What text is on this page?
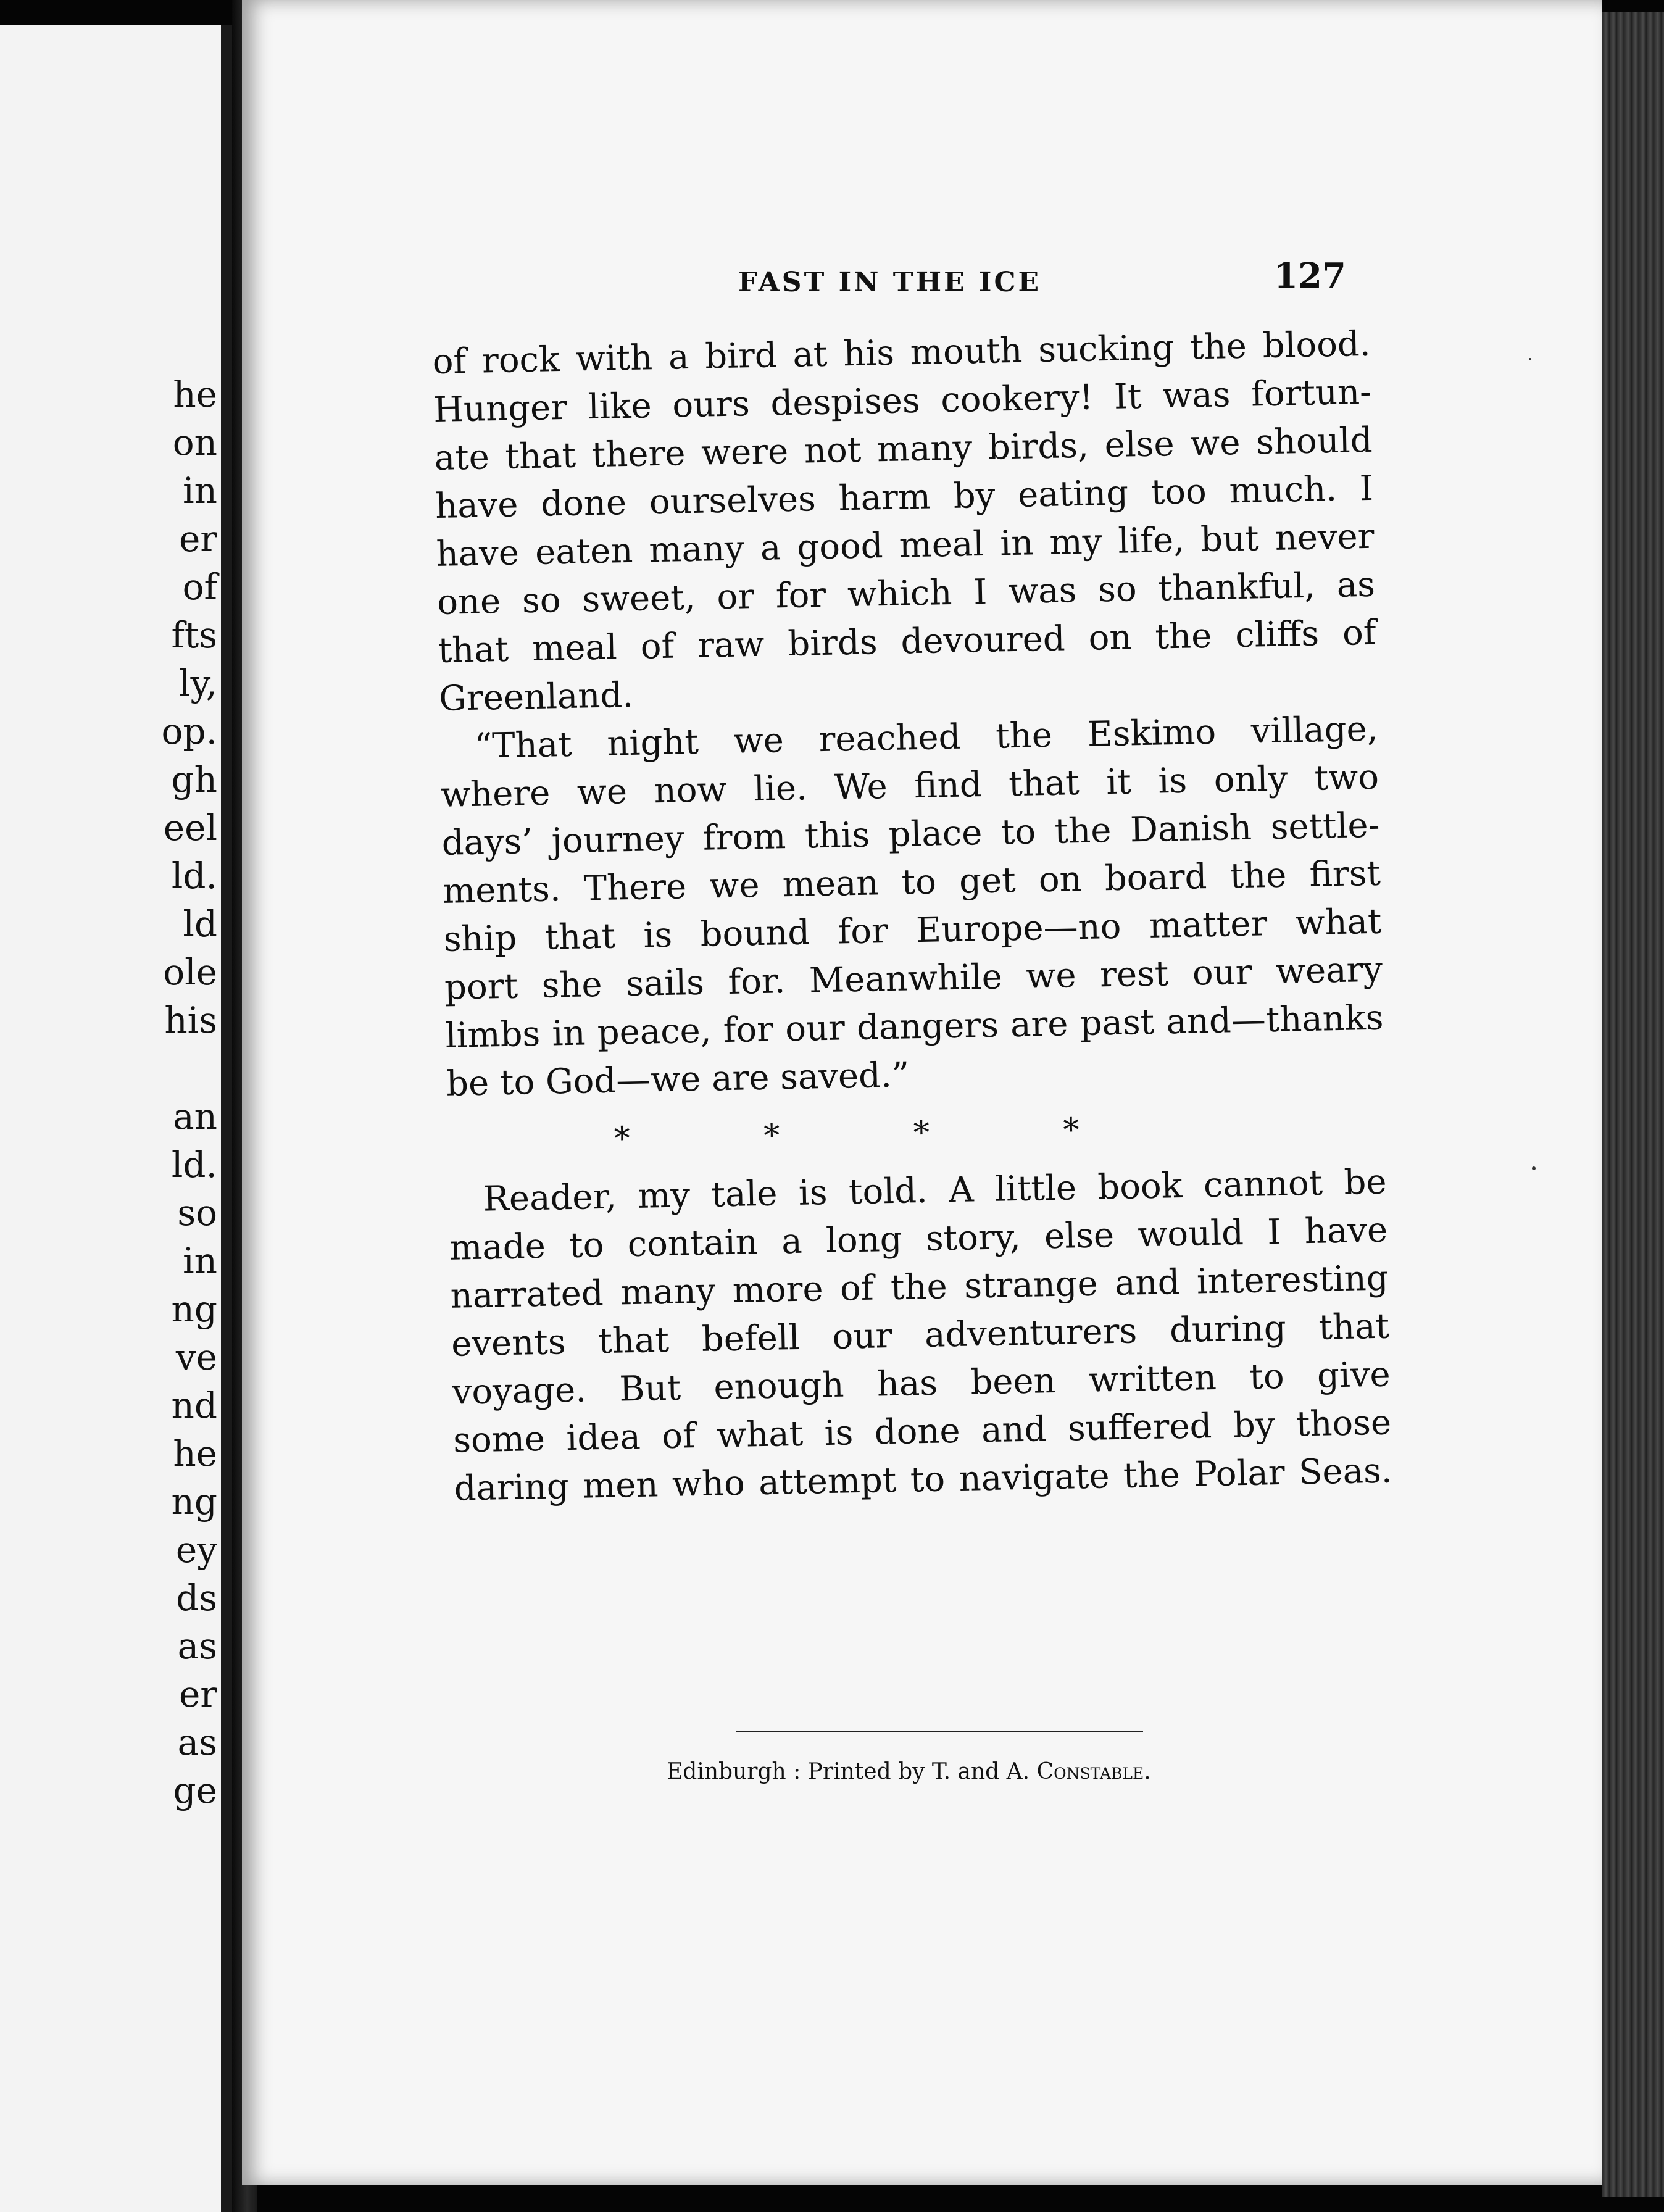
he
on
in
er
of
fts
ly,
op.
gh
eel
ld.
ld
ole
his
an
ld.
so
in
ng
ve
nd
he
ng
ey
ds
as
er
as
ge
FAST IN THE ICE	127
of rock with a bird at his mouth sucking the blood.
Hunger like ours despises cookery! It was fortun-
ate that there were not many birds, else we should
have done ourselves harm by eating too much. I
have eaten many a good meal in my life, but never
one so sweet, or for which I was so thankful, as
that meal of raw birds devoured on the cliffs of
Greenland.
“That night we reached the Eskimo village,
where we now lie. We find that it is only two
days’ journey from this place to the Danish settle-
ments. There we mean to get on board the first
ship that is bound for Europe—no matter what
port she sails for. Meanwhile we rest our weary
limbs in peace, for our dangers are past and—thanks
be to God—we are saved.”
* * * *
Reader, my tale is told. A little book cannot be
made to contain a long story, else would I have
narrated many more of the strange and interesting
events that befell our adventurers during that
voyage. But enough has been written to give
some idea of what is done and suffered by those
daring men who attempt to navigate the Polar Seas.
Edinburgh : Printed by T. and A. Constable.
